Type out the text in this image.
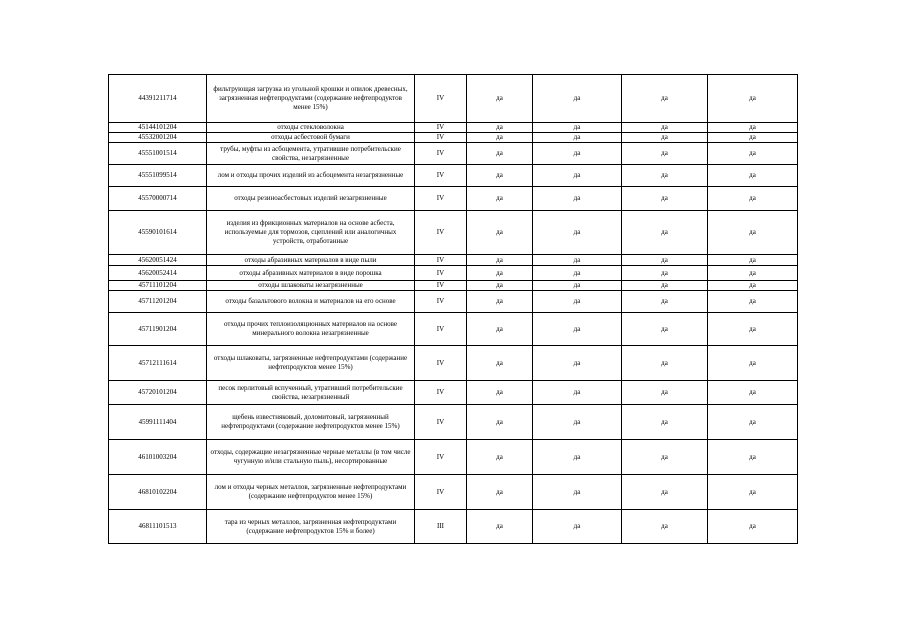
44391211714	фильтрующая загрузка из угольной крошки и опилок древесных, загрязненная нефтепродуктами (содержание нефтепродуктов менее 15%)	IV	да	да	да	да
45144101204	отходы стекловолокна	IV	да	да	да	да
45532001204	отходы асбестовой бумаги	IV	да	да	да	да
45551001514	трубы, муфты из асбоцемента, утратившие потребительские свойства, незагрязненные	IV	да	да	да	да
45551099514	лом и отходы прочих изделий из асбоцемента незагрязненные	IV	да	да	да	да
45570000714	отходы резиноасбестовых изделий незагрязненные	IV	да	да	да	да
45590101614	изделия из фрикционных материалов на основе асбеста, используемые для тормозов, сцеплений или аналогичных устройств, отработанные	IV	да	да	да	да
45620051424	отходы абразивных материалов в виде пыли	IV	да	да	да	да
45620052414	отходы абразивных материалов в виде порошка	IV	да	да	да	да
45711101204	отходы шлаковаты незагрязненные	IV	да	да	да	да
45711201204	отходы базальтового волокна и материалов на его основе	IV	да	да	да	да
45711901204	отходы прочих теплоизоляционных материалов на основе минерального волокна незагрязненные	IV	да	да	да	да
45712111614	отходы шлаковаты, загрязненные нефтепродуктами (содержание нефтепродуктов менее 15%)	IV	да	да	да	да
45720101204	песок перлитовый вспученный, утративший потребительские свойства, незагрязненный	IV	да	да	да	да
45991111404	щебень известняковый, доломитовый, загрязненный нефтепродуктами (содержание нефтепродуктов менее 15%)	IV	да	да	да	да
46101003204	отходы, содержащие незагрязненные черные металлы (в том числе чугунную и/или стальную пыль), несортированные	IV	да	да	да	да
46810102204	лом и отходы черных металлов, загрязненные нефтепродуктами (содержание нефтепродуктов менее 15%)	IV	да	да	да	да
46811101513	тара из черных металлов, загрязненная нефтепродуктами (содержание нефтепродуктов 15% и более)	III	да	да	да	да
